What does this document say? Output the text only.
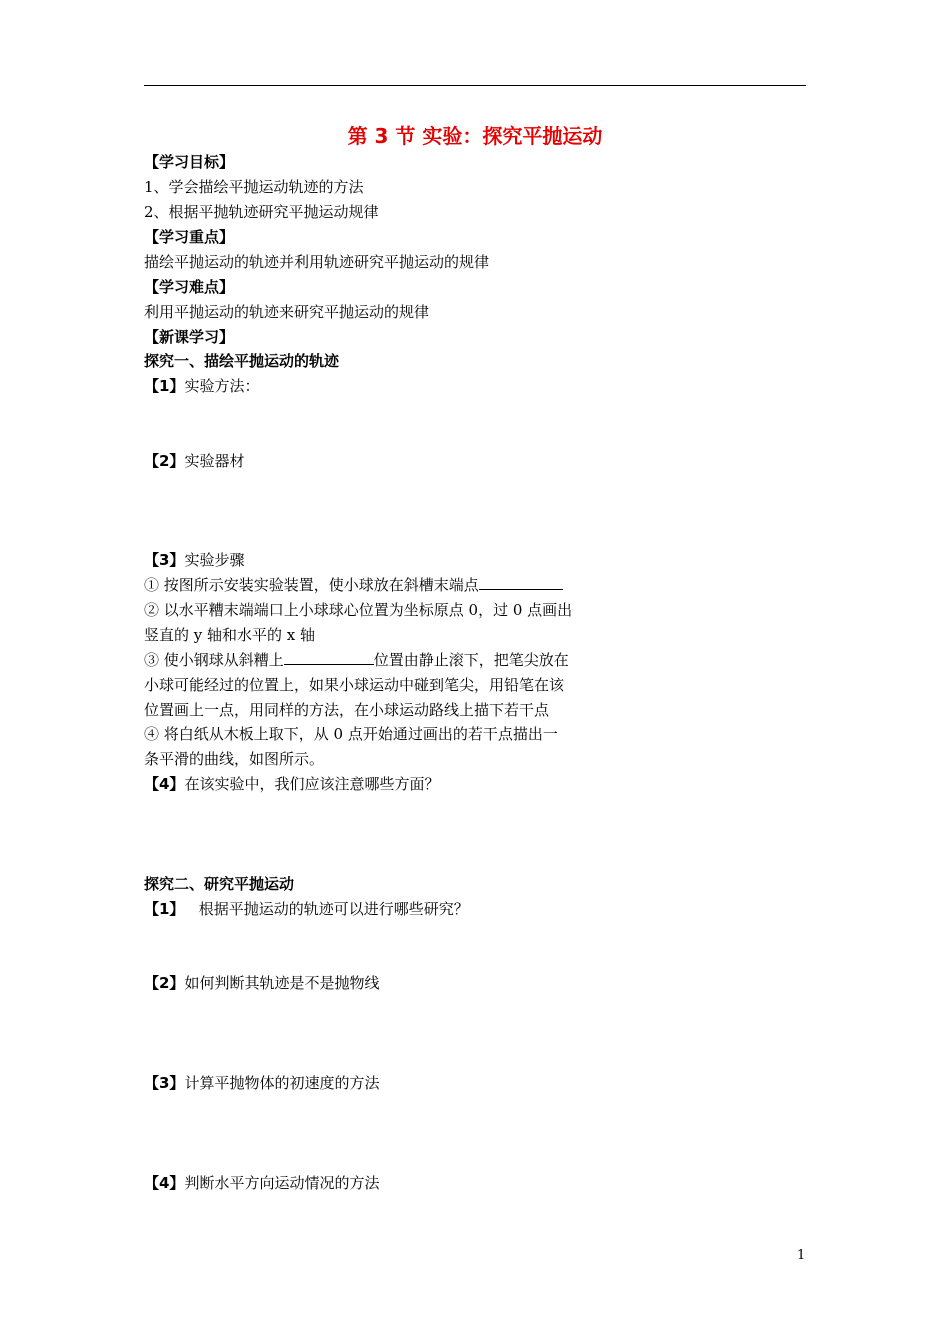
第 3 节 实验：探究平抛运动
【学习目标】
1、学会描绘平抛运动轨迹的方法
2、根据平抛轨迹研究平抛运动规律
【学习重点】
描绘平抛运动的轨迹并利用轨迹研究平抛运动的规律
【学习难点】
利用平抛运动的轨迹来研究平抛运动的规律
【新课学习】
探究一、描绘平抛运动的轨迹
【1】实验方法：
【2】实验器材
【3】实验步骤
① 按图所示安装实验装置，使小球放在斜槽末端点
② 以水平糟末端端口上小球球心位置为坐标原点 0，过 0 点画出
竖直的 y 轴和水平的 x 轴
③ 使小钢球从斜糟上	位置由静止滚下，把笔尖放在
小球可能经过的位置上，如果小球运动中碰到笔尖，用铅笔在该
位置画上一点，用同样的方法，在小球运动路线上描下若干点
④ 将白纸从木板上取下，从 0 点开始通过画出的若干点描出一
条平滑的曲线，如图所示。
【4】在该实验中，我们应该注意哪些方面？
探究二、研究平抛运动
【1】   根据平抛运动的轨迹可以进行哪些研究？
【2】如何判断其轨迹是不是抛物线
【3】计算平抛物体的初速度的方法
【4】判断水平方向运动情况的方法
1
